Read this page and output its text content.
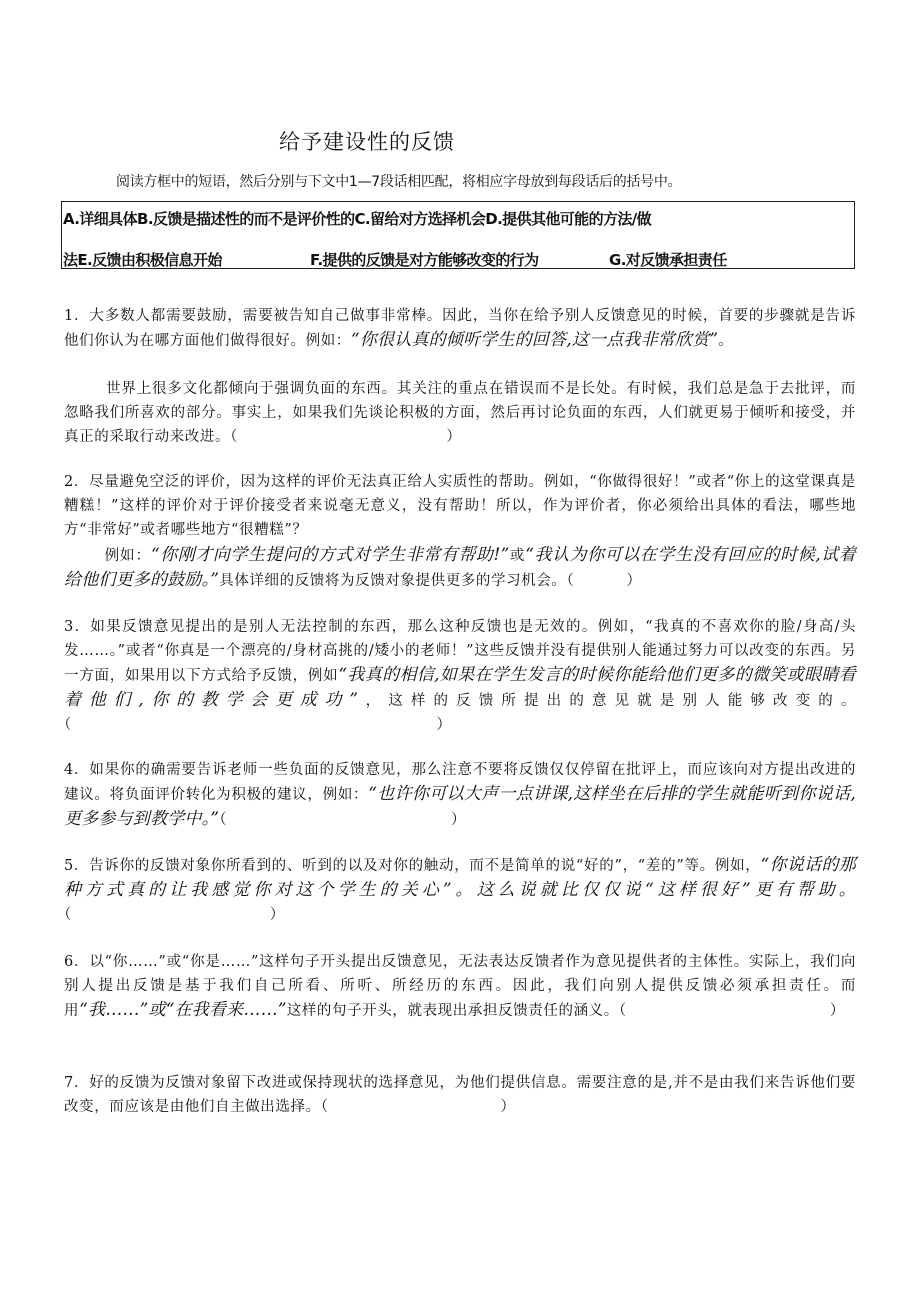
给予建设性的反馈
阅读方框中的短语，然后分别与下文中1—7段话相匹配，将相应字母放到每段话后的括号中。
A.详细具体B.反馈是描述性的而不是评价性的C.留给对方选择机会D.提供其他可能的方法/做
法E.反馈由积极信息开始	F.提供的反馈是对方能够改变的行为	G.对反馈承担责任
1．大多数人都需要鼓励，需要被告知自己做事非常棒。因此，当你在给予别人反馈意见的时候，首要的步骤就是告诉他们你认为在哪方面他们做得很好。例如：“你很认真的倾听学生的回答,这一点我非常欣赏”。
世界上很多文化都倾向于强调负面的东西。其关注的重点在错误而不是长处。有时候，我们总是急于去批评，而忽略我们所喜欢的部分。事实上，如果我们先谈论积极的方面，然后再讨论负面的东西，人们就更易于倾听和接受，并真正的采取行动来改进。（                                        ）
2．尽量避免空泛的评价，因为这样的评价无法真正给人实质性的帮助。例如，“你做得很好！”或者“你上的这堂课真是糟糕！”这样的评价对于评价接受者来说毫无意义，没有帮助！所以，作为评价者，你必须给出具体的看法，哪些地方“非常好”或者哪些地方“很糟糕”？
例如：“你刚才向学生提问的方式对学生非常有帮助!”或“我认为你可以在学生没有回应的时候,试着给他们更多的鼓励。”具体详细的反馈将为反馈对象提供更多的学习机会。（          ）
3．如果反馈意见提出的是别人无法控制的东西，那么这种反馈也是无效的。例如，“我真的不喜欢你的脸/身高/头发……。”或者“你真是一个漂亮的/身材高挑的/矮小的老师！”这些反馈并没有提供别人能通过努力可以改变的东西。另一方面，如果用以下方式给予反馈，例如“我真的相信,如果在学生发言的时候你能给他们更多的微笑或眼睛看着他们,你的教学会更成功”，这样的反馈所提出的意见就是别人能够改变的。（                                                                      ）
4．如果你的确需要告诉老师一些负面的反馈意见，那么注意不要将反馈仅仅停留在批评上，而应该向对方提出改进的建议。将负面评价转化为积极的建议，例如：“也许你可以大声一点讲课,这样坐在后排的学生就能听到你说话,更多参与到教学中。”（                                           ）
5．告诉你的反馈对象你所看到的、听到的以及对你的触动，而不是简单的说“好的”，“差的”等。例如，“你说话的那种方式真的让我感觉你对这个学生的关心”。这么说就比仅仅说“这样很好”更有帮助。（                                      ）
6．以“你……”或“你是……”这样句子开头提出反馈意见，无法表达反馈者作为意见提供者的主体性。实际上，我们向别人提出反馈是基于我们自己所看、所听、所经历的东西。因此，我们向别人提供反馈必须承担责任。而用“我……”或“在我看来……”这样的句子开头，就表现出承担反馈责任的涵义。（                                       ）
7．好的反馈为反馈对象留下改进或保持现状的选择意见，为他们提供信息。需要注意的是,并不是由我们来告诉他们要改变，而应该是由他们自主做出选择。（                                 ）
